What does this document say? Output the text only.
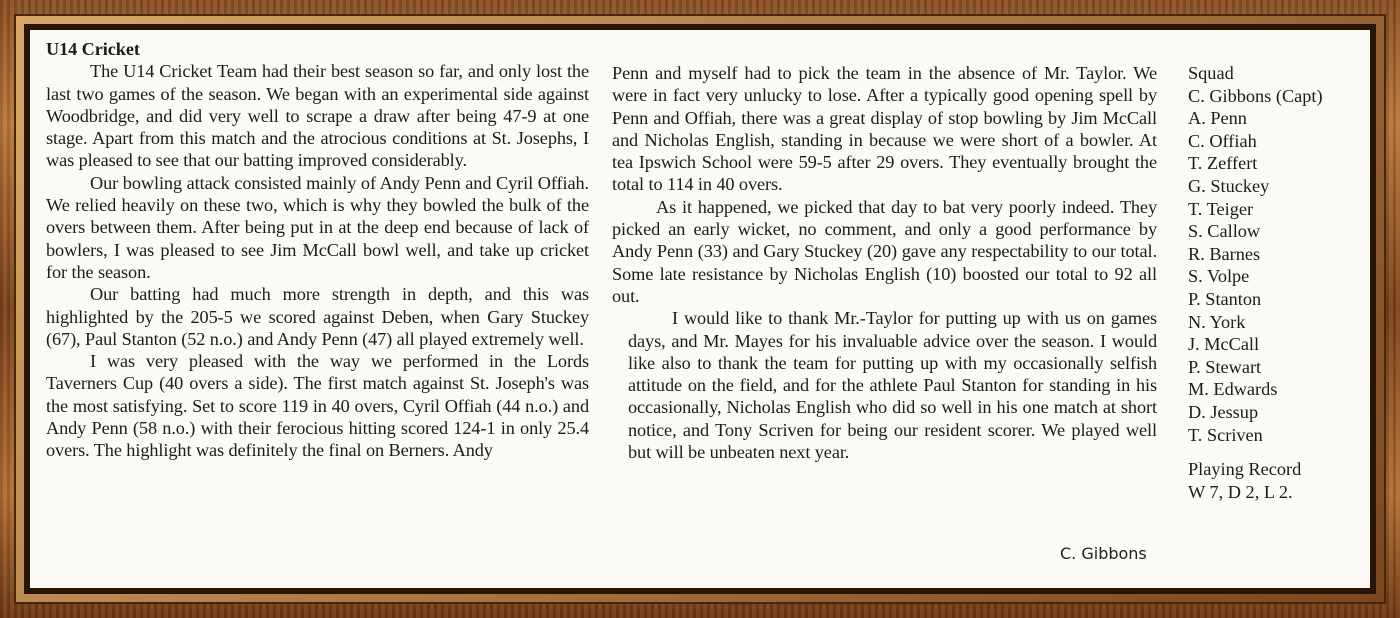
U14 Cricket

The U14 Cricket Team had their best season so far, and only lost the last two games of the season. We began with an experimental side against Woodbridge, and did very well to scrape a draw after being 47-9 at one stage. Apart from this match and the atrocious conditions at St. Josephs, I was pleased to see that our batting improved considerably.

Our bowling attack consisted mainly of Andy Penn and Cyril Offiah. We relied heavily on these two, which is why they bowled the bulk of the overs between them. After being put in at the deep end because of lack of bowlers, I was pleased to see Jim McCall bowl well, and take up cricket for the season.

Our batting had much more strength in depth, and this was highlighted by the 205-5 we scored against Deben, when Gary Stuckey (67), Paul Stanton (52 n.o.) and Andy Penn (47) all played extremely well.

I was very pleased with the way we performed in the Lords Taverners Cup (40 overs a side). The first match against St. Joseph's was the most satisfying. Set to score 119 in 40 overs, Cyril Offiah (44 n.o.) and Andy Penn (58 n.o.) with their ferocious hitting scored 124-1 in only 25.4 overs. The highlight was definitely the final on Berners. Andy

Penn and myself had to pick the team in the absence of Mr. Taylor. We were in fact very unlucky to lose. After a typically good opening spell by Penn and Offiah, there was a great display of stop bowling by Jim McCall and Nicholas English, standing in because we were short of a bowler. At tea Ipswich School were 59-5 after 29 overs. They eventually brought the total to 114 in 40 overs.

As it happened, we picked that day to bat very poorly indeed. They picked an early wicket, no comment, and only a good performance by Andy Penn (33) and Gary Stuckey (20) gave any respectability to our total. Some late resistance by Nicholas English (10) boosted our total to 92 all out.

I would like to thank Mr.-Taylor for putting up with us on games days, and Mr. Mayes for his invaluable advice over the season. I would like also to thank the team for putting up with my occasionally selfish attitude on the field, and for the athlete Paul Stanton for standing in his occasionally, Nicholas English who did so well in his one match at short notice, and Tony Scriven for being our resident scorer. We played well but will be unbeaten next year.

C. Gibbons
Squad
C. Gibbons (Capt)
A. Penn
C. Offiah
T. Zeffert
G. Stuckey
T. Teiger
S. Callow
R. Barnes
S. Volpe
P. Stanton
N. York
J. McCall
P. Stewart
M. Edwards
D. Jessup
T. Scriven
Playing Record
W 7, D 2, L 2.
